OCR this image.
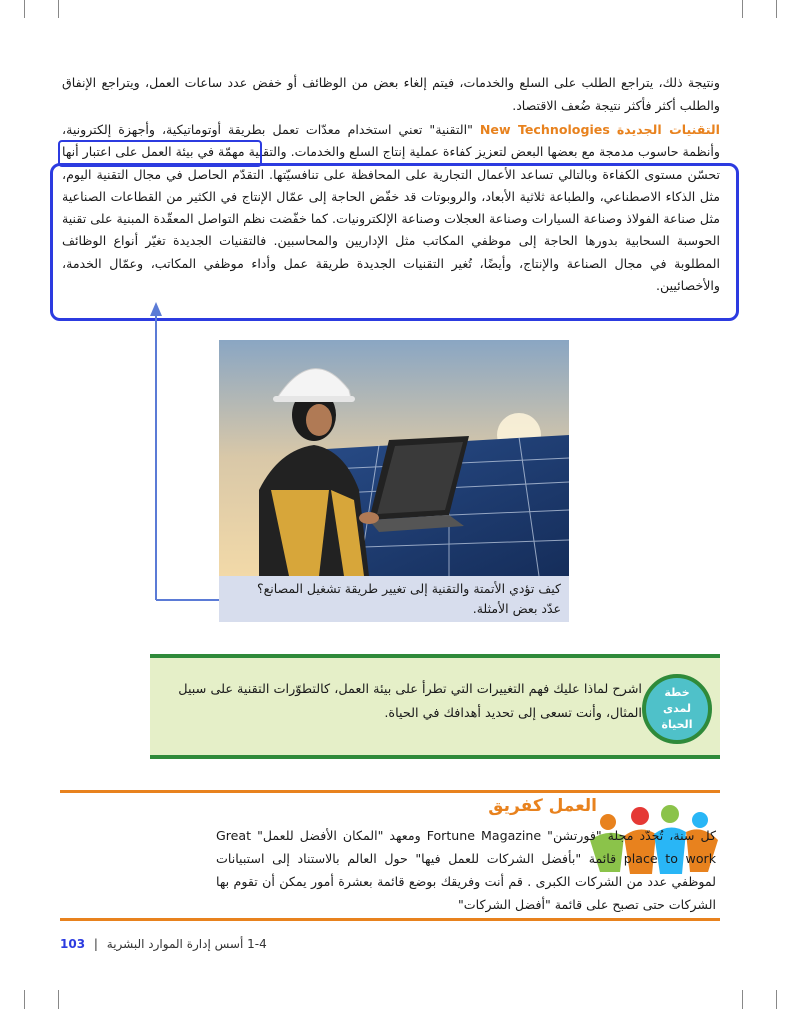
ونتيجة ذلك، يتراجع الطلب على السلع والخدمات، فيتم إلغاء بعض من الوظائف أو خفض عدد ساعات العمل، ويتراجع الإنفاق والطلب أكثر فأكثر نتيجة ضُعف الاقتصاد.
التقنيات الجديدة New Technologies "التقنية" تعني استخدام معدّات تعمل بطريقة أوتوماتيكية، وأجهزة إلكترونية، وأنظمة حاسوب مدمجة مع بعضها البعض لتعزيز كفاءة عملية إنتاج السلع والخدمات. والتقنية مهمّة في بيئة العمل على اعتبار أنها تحسّن مستوى الكفاءة وبالتالي تساعد الأعمال التجارية على المحافظة على تنافسيّتها. التقدّم الحاصل في مجال التقنية اليوم، مثل الذكاء الاصطناعي، والطباعة ثلاثية الأبعاد، والروبوتات قد خفّض الحاجة إلى عمّال الإنتاج في الكثير من القطاعات الصناعية مثل صناعة الفولاذ وصناعة السيارات وصناعة العجلات وصناعة الإلكترونيات. كما خفّضت نظم التواصل المعقّدة المبنية على تقنية الحوسبة السحابية بدورها الحاجة إلى موظفي المكاتب مثل الإداريين والمحاسبين. فالتقنيات الجديدة تغيّر أنواع الوظائف المطلوبة في مجال الصناعة والإنتاج، وأيضًا، تُغير التقنيات الجديدة طريقة عمل وأداء موظفي المكاتب، وعمّال الخدمة، والأخصائيين.
كيف تؤدي الأتمتة والتقنية إلى تغيير طريقة تشغيل المصانع؟
عدّد بعض الأمثلة.
خطة لمدى الحياة
اشرح لماذا عليك فهم التغييرات التي تطرأ على بيئة العمل، كالتطوّرات التقنية على سبيل المثال، وأنت تسعى إلى تحديد أهدافك في الحياة.
العمل كفريق
كل سنة، تُحدّد مجلة "فورتشن" Fortune Magazine ومعهد "المكان الأفضل للعمل" Great place to work قائمة "بأفضل الشركات للعمل فيها" حول العالم بالاستناد إلى استبيانات لموظفي عدد من الشركات الكبرى . قم أنت وفريقك بوضع قائمة بعشرة أمور يمكن أن تقوم بها الشركات حتى تصبح على قائمة "أفضل الشركات"
1-4 أسس إدارة الموارد البشرية | 103
